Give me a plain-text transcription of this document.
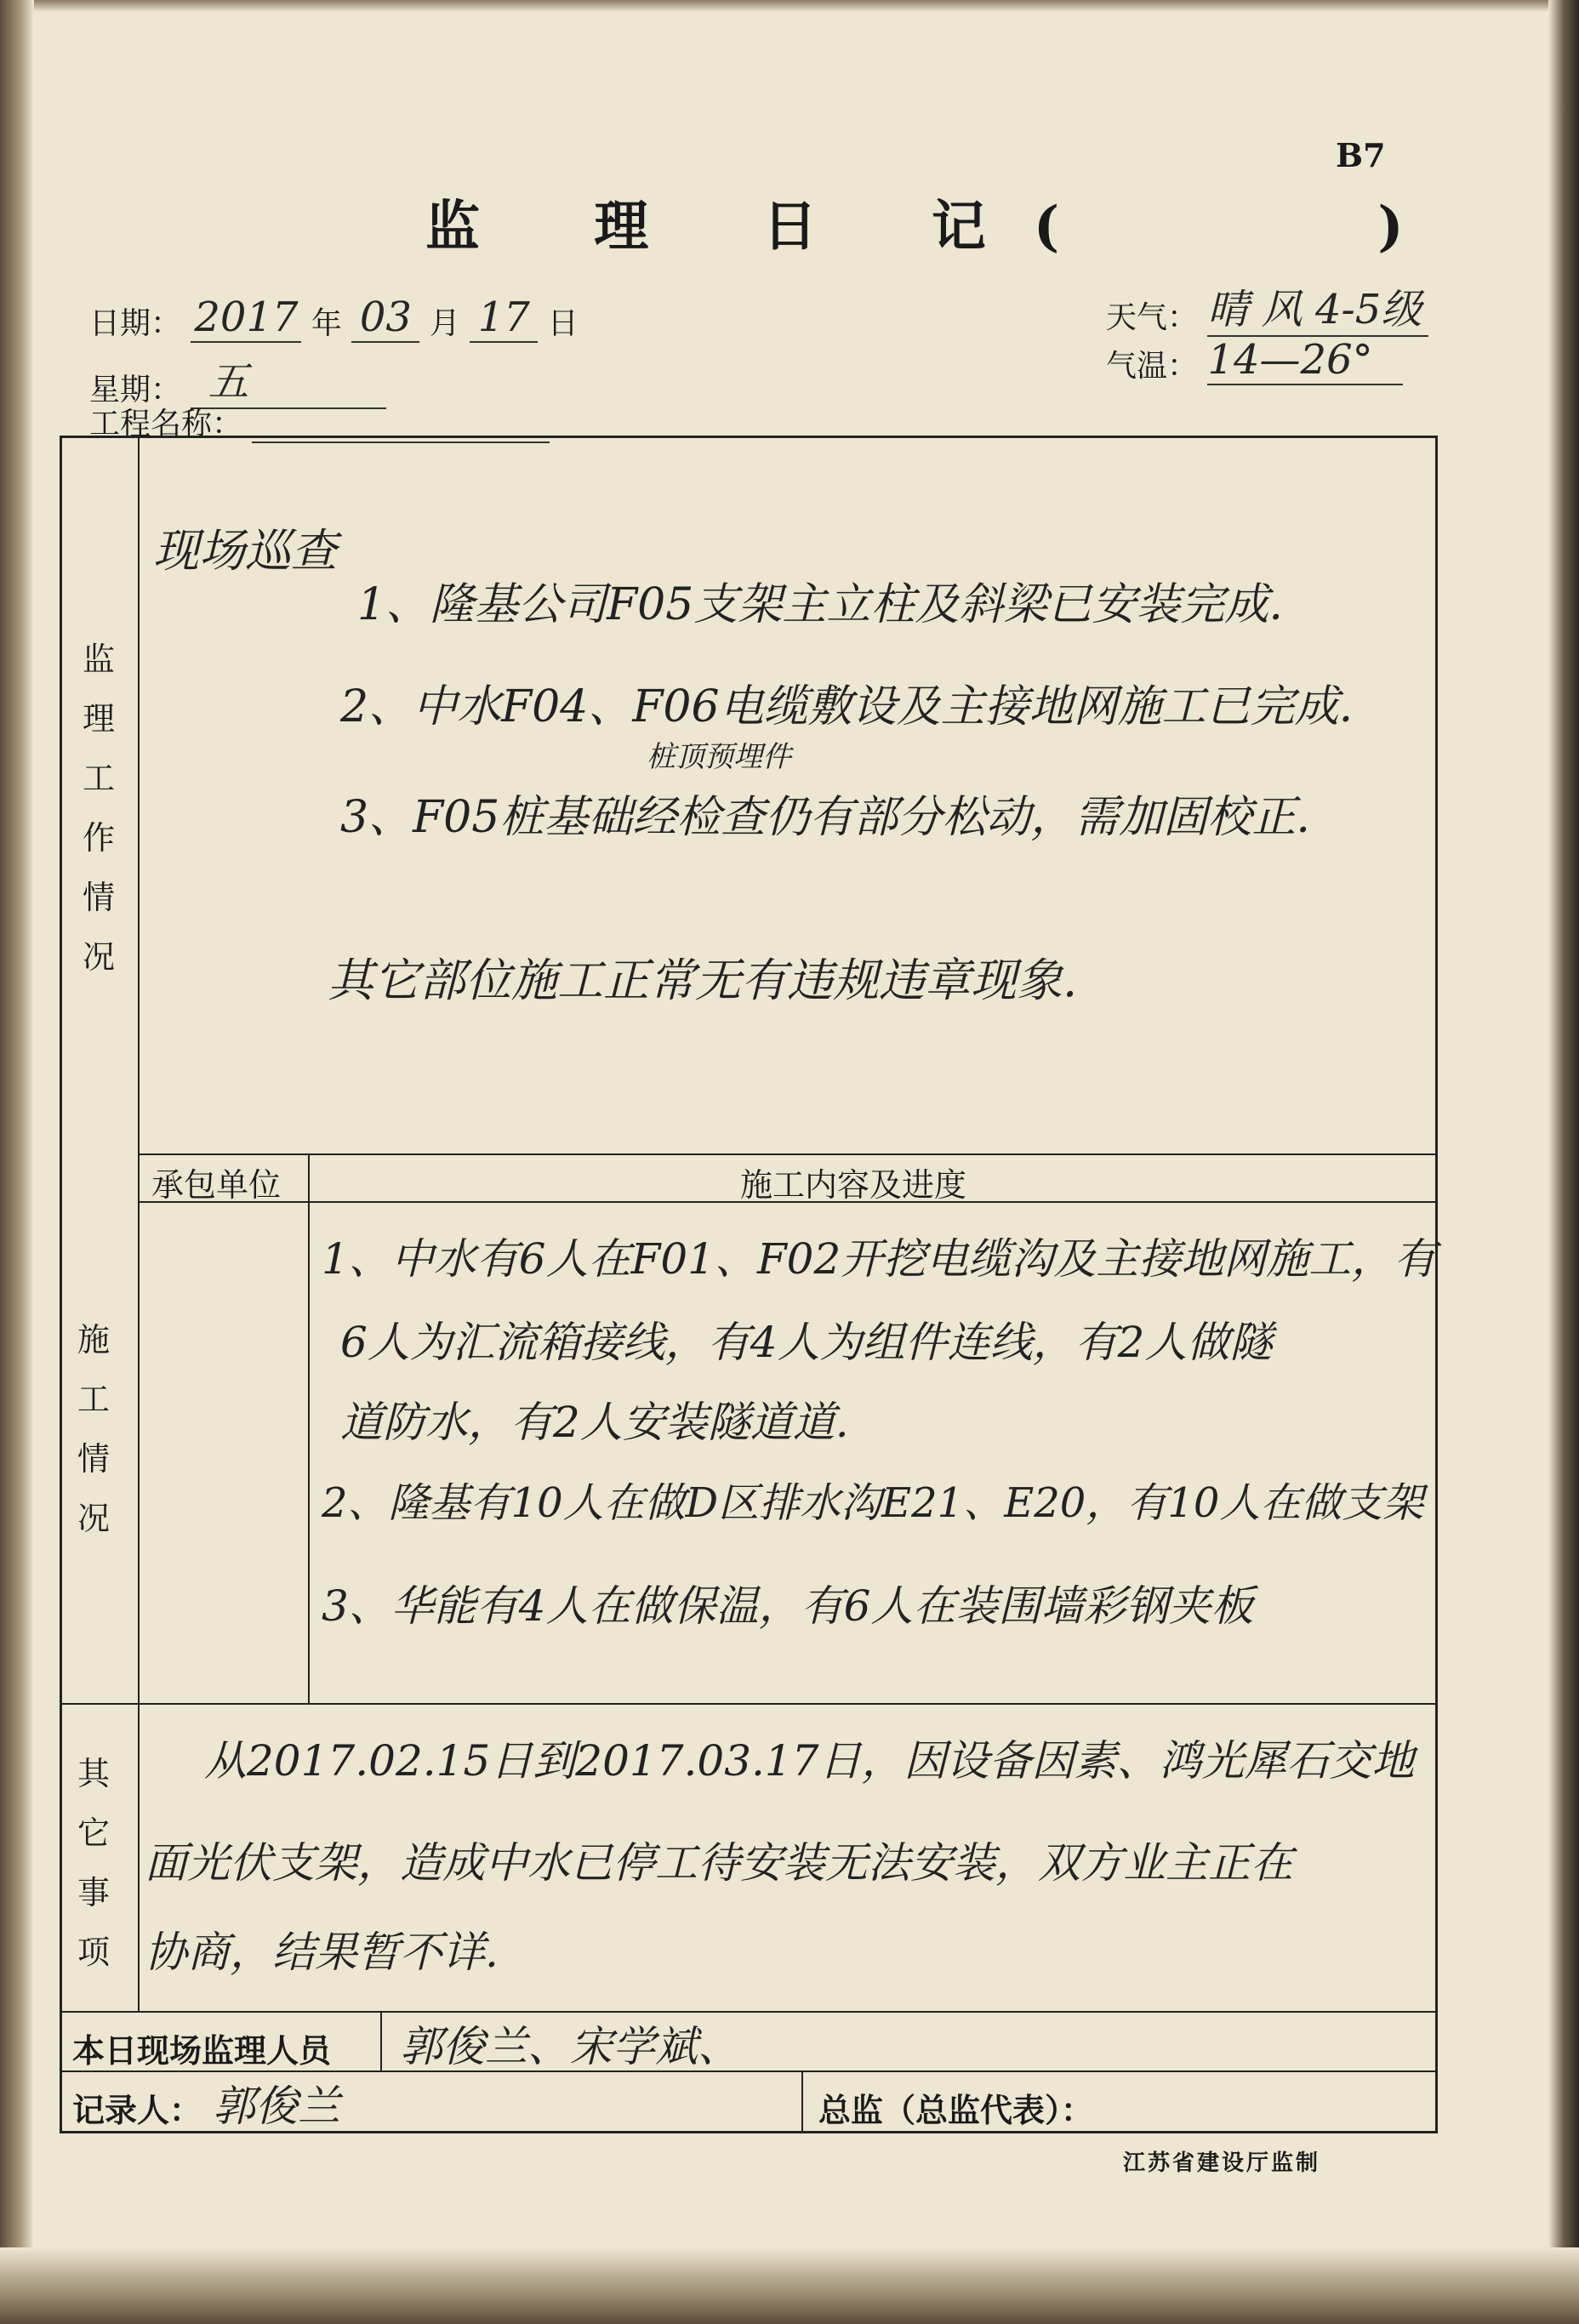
B7
监 理 日 记(　　 )
日期： 2017 年 03 月 17 日
星期： 五
工程名称：
天气： 晴 风 4-5级
气温： 14—26°
监理工作情况
现场巡查
1、隆基公司F05支架主立柱及斜梁已安装完成.
2、中水F04、F06电缆敷设及主接地网施工已完成.
桩顶预埋件
3、F05桩基础经检查仍有部分松动，需加固校正.
其它部位施工正常无有违规违章现象.
承包单位	施工内容及进度
施工情况
1、中水有6人在F01、F02开挖电缆沟及主接地网施工，有
6人为汇流箱接线，有4人为组件连线，有2人做隧
道防水，有2人安装隧道道.
2、隆基有10人在做D区排水沟E21、E20，有10人在做支架
3、华能有4人在做保温，有6人在装围墙彩钢夹板
其它事项
从2017.02.15日到2017.03.17日，因设备因素、鸿光犀石交地
面光伏支架，造成中水已停工待安装无法安装，双方业主正在
协商，结果暂不详.
本日现场监理人员 郭俊兰、宋学斌、
记录人： 郭俊兰	总监（总监代表）：
江苏省建设厅监制
